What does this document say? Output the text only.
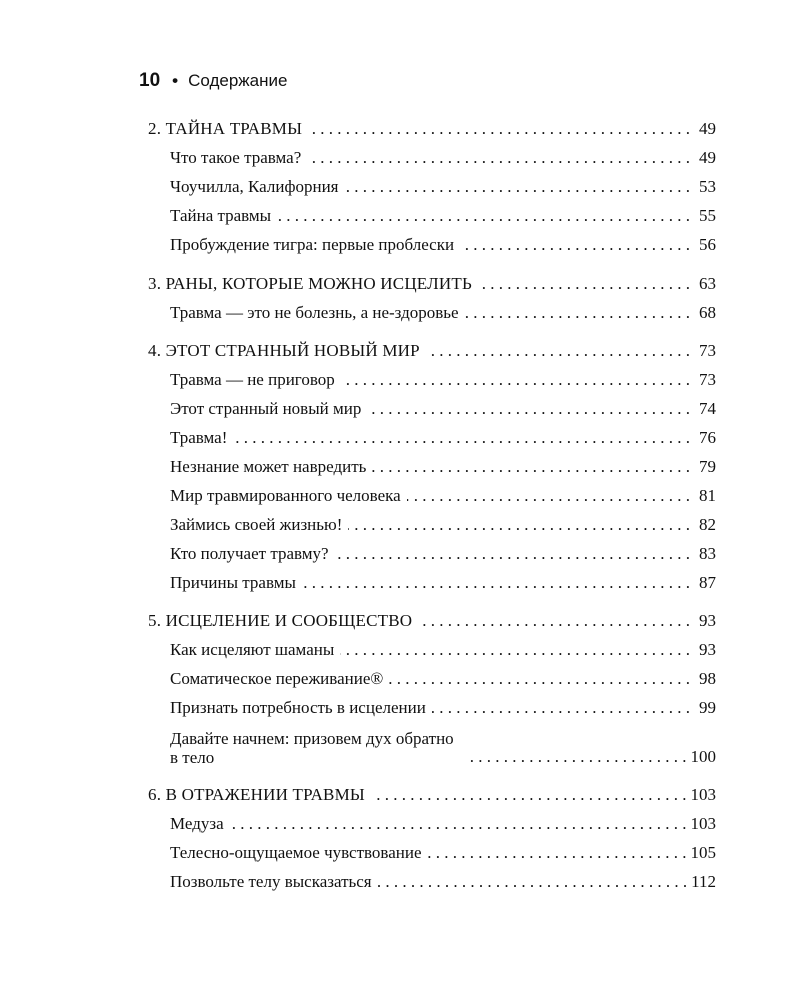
10 • Содержание
2. ТАЙНА ТРАВМЫ . . .	49
Что такое травма? . . .	49
Чоучилла, Калифорния . . .	53
Тайна травмы . . .	55
Пробуждение тигра: первые проблески . . .	56
3. РАНЫ, КОТОРЫЕ МОЖНО ИСЦЕЛИТЬ . . .	63
Травма — это не болезнь, а не-здоровье . . .	68
4. ЭТОТ СТРАННЫЙ НОВЫЙ МИР . . .	73
Травма — не приговор . . .	73
Этот странный новый мир . . .	74
Травма! . . .	76
Незнание может навредить . . .	79
Мир травмированного человека . . .	81
Займись своей жизнью! . . .	82
Кто получает травму? . . .	83
Причины травмы . . .	87
5. ИСЦЕЛЕНИЕ И СООБЩЕСТВО . . .	93
Как исцеляют шаманы . . .	93
Соматическое переживание® . . .	98
Признать потребность в исцелении . . .	99
Давайте начнем: призовем дух обратно в тело . . .	100
6. В ОТРАЖЕНИИ ТРАВМЫ . . .	103
Медуза . . .	103
Телесно-ощущаемое чувствование . . .	105
Позвольте телу высказаться . . .	112
